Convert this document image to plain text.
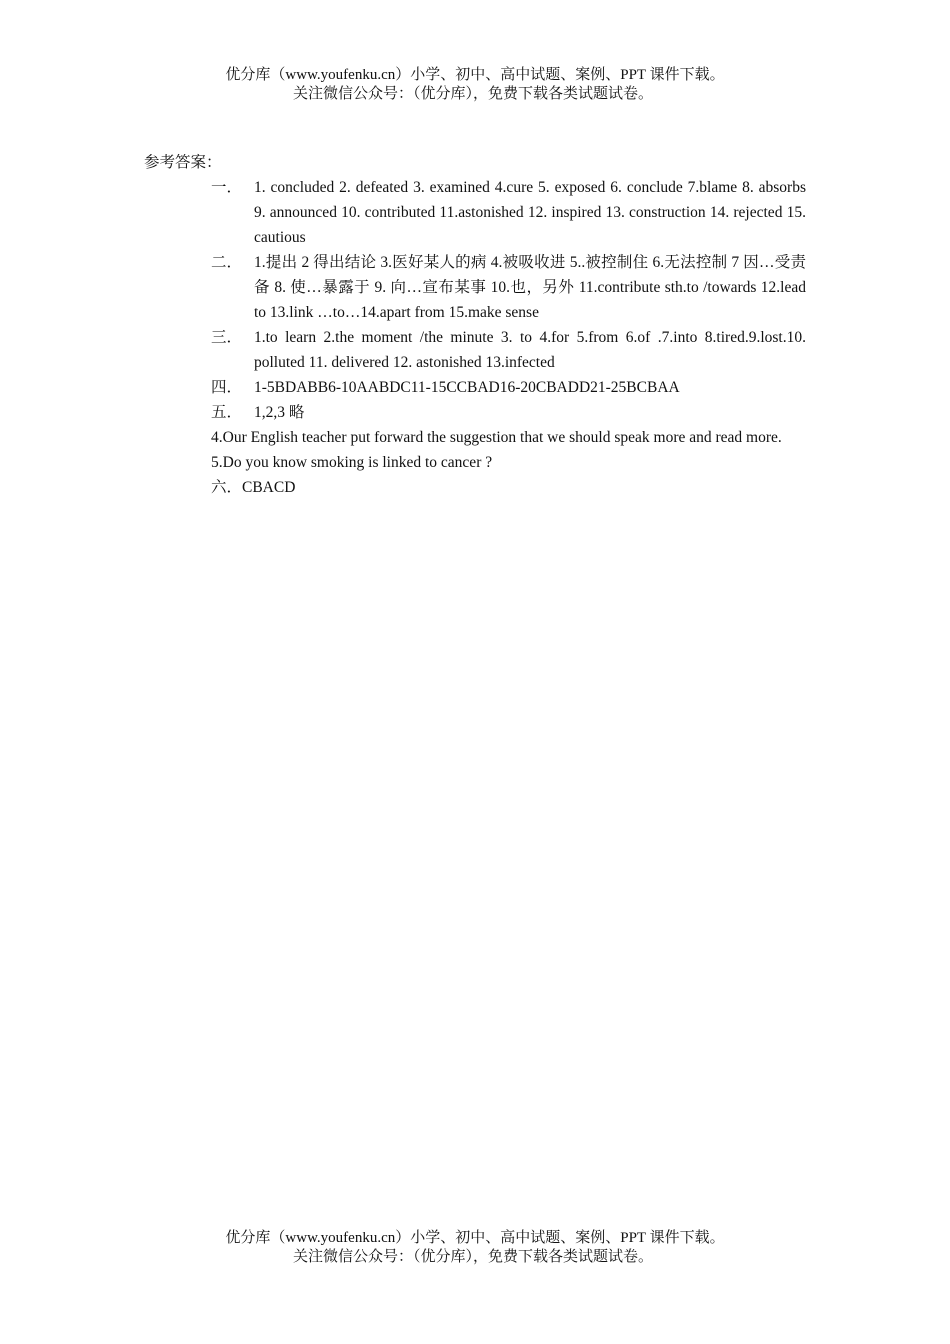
优分库（www.youfenku.cn）小学、初中、高中试题、案例、PPT 课件下载。
关注微信公众号：（优分库），免费下载各类试题试卷。
参考答案：
一． 1. concluded 2. defeated 3. examined 4.cure 5. exposed 6. conclude 7.blame 8. absorbs 9. announced 10. contributed 11.astonished 12. inspired 13. construction 14. rejected 15. cautious
二． 1.提出 2 得出结论 3.医好某人的病 4.被吸收进 5..被控制住 6.无法控制 7 因…受责备 8. 使…暴露于 9. 向…宣布某事 10.也，另外 11.contribute sth.to /towards 12.lead to 13.link …to…14.apart from 15.make sense
三． 1.to learn 2.the moment /the minute 3. to 4.for 5.from 6.of .7.into 8.tired.9.lost.10. polluted 11. delivered 12. astonished 13.infected
四． 1-5BDABB6-10AABDC11-15CCBAD16-20CBADD21-25BCBAA
五． 1,2,3 略
4.Our English teacher put forward the suggestion that we should speak more and read more.
5.Do you know smoking is linked to cancer ?
六．CBACD
优分库（www.youfenku.cn）小学、初中、高中试题、案例、PPT 课件下载。
关注微信公众号：（优分库），免费下载各类试题试卷。
